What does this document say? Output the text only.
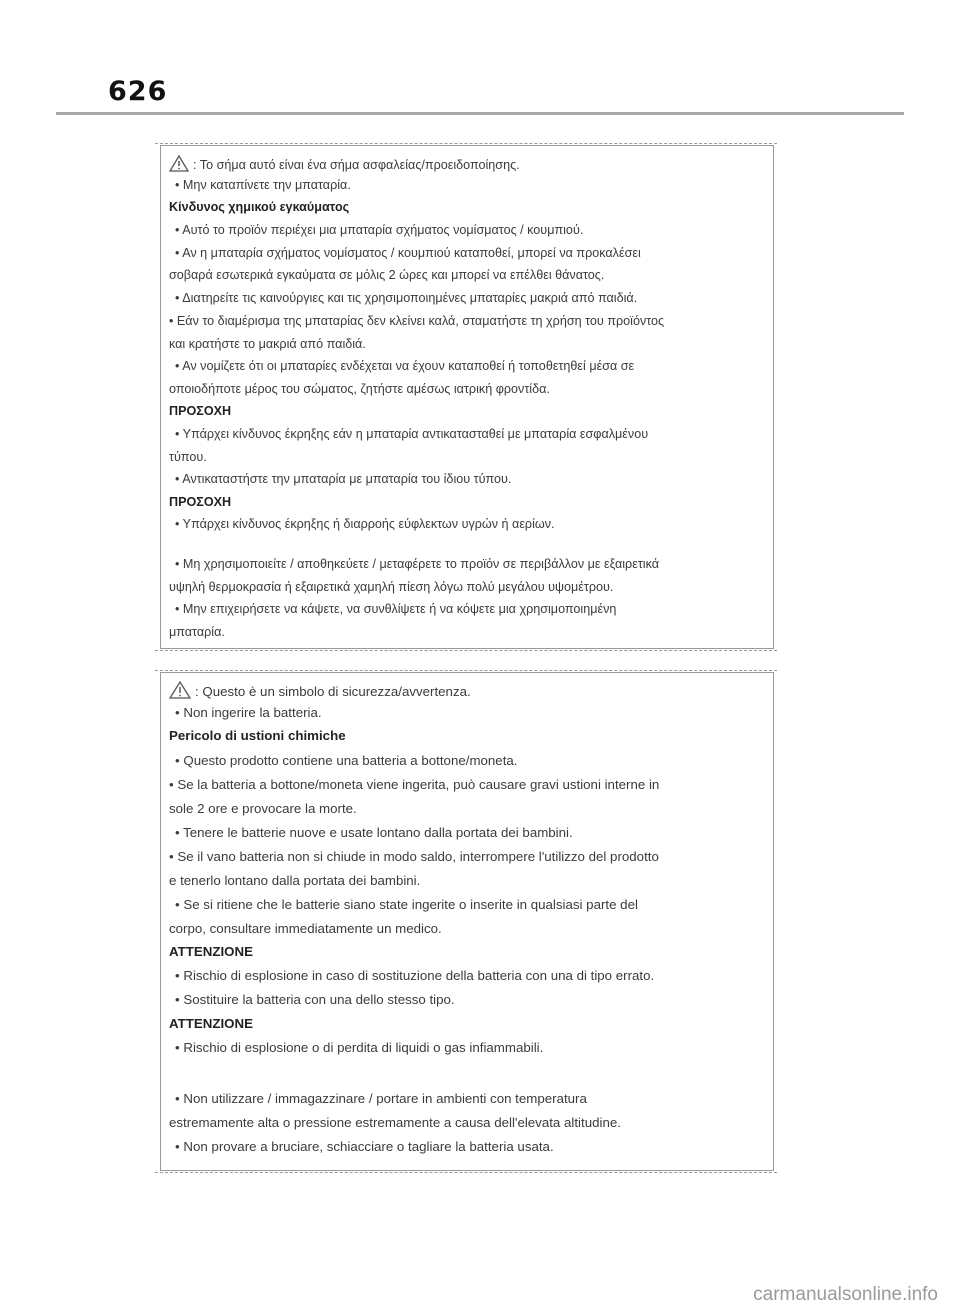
626
: Το σήμα αυτό είναι ένα σήμα ασφαλείας/προειδοποίησης.
• Μην καταπίνετε την μπαταρία.
Κίνδυνος χημικού εγκαύματος
• Αυτό το προϊόν περιέχει μια μπαταρία σχήματος νομίσματος / κουμπιού.
• Αν η μπαταρία σχήματος νομίσματος / κουμπιού καταποθεί, μπορεί να προκαλέσει
σοβαρά εσωτερικά εγκαύματα σε μόλις 2 ώρες και μπορεί να επέλθει θάνατος.
• Διατηρείτε τις καινούργιες και τις χρησιμοποιημένες μπαταρίες μακριά από παιδιά.
• Εάν το διαμέρισμα της μπαταρίας δεν κλείνει καλά, σταματήστε τη χρήση του προϊόντος
και κρατήστε το μακριά από παιδιά.
• Αν νομίζετε ότι οι μπαταρίες ενδέχεται να έχουν καταποθεί ή τοποθετηθεί μέσα σε
οποιοδήποτε μέρος του σώματος, ζητήστε αμέσως ιατρική φροντίδα.
ΠΡΟΣΟΧΗ
• Υπάρχει κίνδυνος έκρηξης εάν η μπαταρία αντικατασταθεί με μπαταρία εσφαλμένου
τύπου.
• Αντικαταστήστε την μπαταρία με μπαταρία του ίδιου τύπου.
ΠΡΟΣΟΧΗ
• Υπάρχει κίνδυνος έκρηξης ή διαρροής εύφλεκτων υγρών ή αερίων.
• Μη χρησιμοποιείτε / αποθηκεύετε / μεταφέρετε το προϊόν σε περιβάλλον με εξαιρετικά
υψηλή θερμοκρασία ή εξαιρετικά χαμηλή πίεση λόγω πολύ μεγάλου υψομέτρου.
• Μην επιχειρήσετε να κάψετε, να συνθλίψετε ή να κόψετε μια χρησιμοποιημένη
μπαταρία.
: Questo è un simbolo di sicurezza/avvertenza.
• Non ingerire la batteria.
Pericolo di ustioni chimiche
• Questo prodotto contiene una batteria a bottone/moneta.
• Se la batteria a bottone/moneta viene ingerita, può causare gravi ustioni interne in
sole 2 ore e provocare la morte.
• Tenere le batterie nuove e usate lontano dalla portata dei bambini.
• Se il vano batteria non si chiude in modo saldo, interrompere l'utilizzo del prodotto
e tenerlo lontano dalla portata dei bambini.
• Se si ritiene che le batterie siano state ingerite o inserite in qualsiasi parte del
corpo, consultare immediatamente un medico.
ATTENZIONE
• Rischio di esplosione in caso di sostituzione della batteria con una di tipo errato.
• Sostituire la batteria con una dello stesso tipo.
ATTENZIONE
• Rischio di esplosione o di perdita di liquidi o gas infiammabili.
• Non utilizzare / immagazzinare / portare in ambienti con temperatura
estremamente alta o pressione estremamente a causa dell'elevata altitudine.
• Non provare a bruciare, schiacciare o tagliare la batteria usata.
carmanualsonline.info
